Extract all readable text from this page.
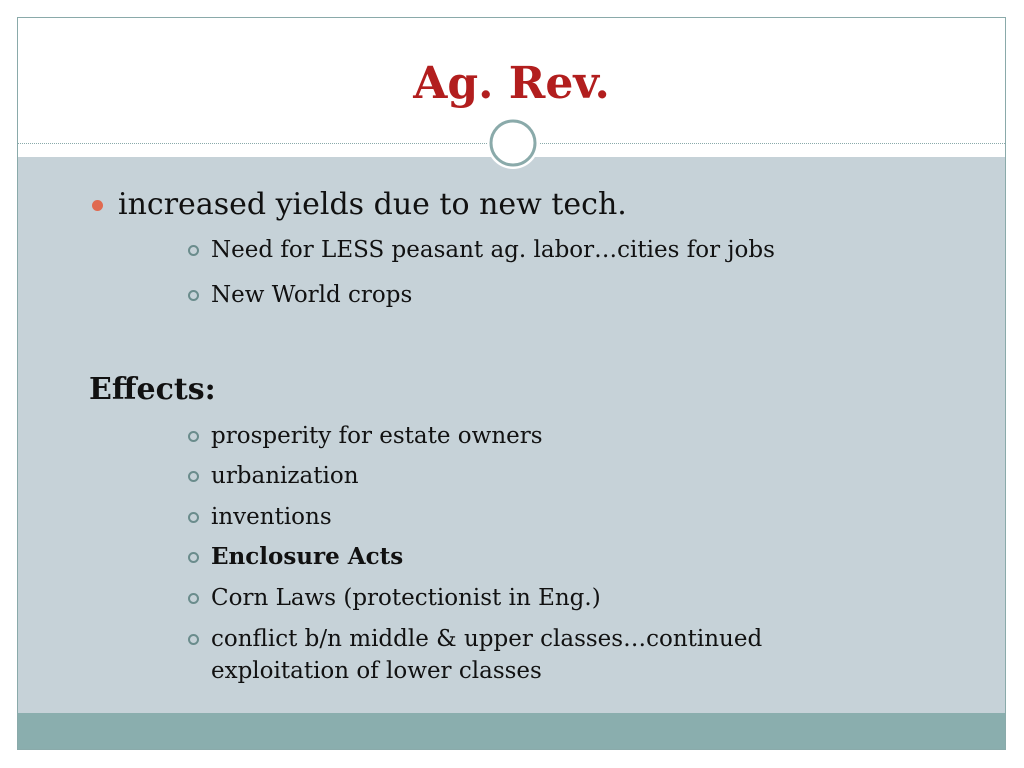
Ag. Rev.
increased yields due to new tech.
Need for LESS peasant ag. labor…cities for jobs
New World crops
Effects:
prosperity for estate owners
urbanization
inventions
Enclosure Acts
Corn Laws (protectionist in Eng.)
conflict b/n middle & upper classes…continued exploitation of lower classes
